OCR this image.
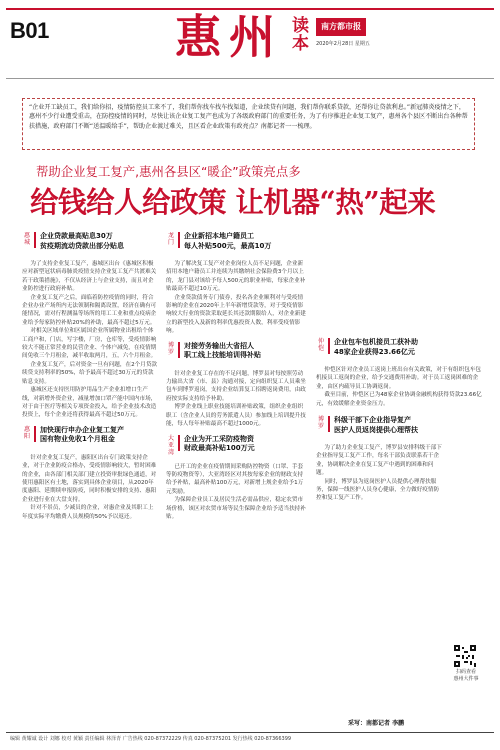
B01	惠州 读本
南方都市报
2020年2月28日 星期五
“企业开工缺员工，我们给你招，疫情防控员工来不了，我们帮你找车找车找渠道，企业续贷有问题，我们帮你联系贷款，还帮你让贷款利息。”新冠肺炎疫情之下，惠州不少行业遭受重击，在防控疫情的同时，尽快让该企业复工复产也成为了各级政府部门的重要任务，为了有序推进企业复工复产，惠州各个县区不断出台各种帮扶措施，政府部门不断“送温暖给手”，帮助企业渡过难关，且区看企业政策有政亮点？南都记者一一梳理。
帮助企业复工复产,惠州各县区“暖企”政策亮点多
给钱给人给政策 让机器“热”起来
惠城
企业贷款最高贴息30万
贫疫期流动贷款出部分贴息

为了支持企业复工复产，惠城区出台《惠城区积极应对新型冠状病毒肺炎疫情支持企业复工复产共渡难关若干政策措施》，不仅从经济上与企业支持，而且对企业防控进行政府补贴。

企业复工复产之后，面临着防控疫情的同时，符合企业办业产场所内无法领制和隔离设置，经济在确有可能情况，需对行程测温等场所的用工工业和重点疫病企业给予每家防控补贴20%的补助，最高不超过5万元。

对相关区域单位和区属国企业所属物业出租给个体工商户和，门店，写字楼，厂房，仓库等，受疫情影响较大不能正常营业的民营企业、个体户减免，在疫情期间免收三个月租金，减半收取两月，五，六个月租金。

企业复工复产，后对资金一旦有问题，在2个月贷款续贷支持利率的50%，给予最高不超过30万元的贷款贴息支持。

惠城区还支持医用防护用品生产企业扣增口生产线，对新增外资企业，减量增加口罩产能中国内市场，对于由于医疗等相关专项资金投入，给予企业技术改造投资上，每个企业还将获得最高不超过50万元。

惠阳
加快现行申办企业复工复产
国有物业免收1个月租金

针对企业复工复产，惠阳区出台专门政策支持企业，对于企业防疫合格办，受疫情影响较大，暂时困难的企业，由各部门相关部门建立投资审批绿色通道，对使用惠阳区有土地，落实到具体企业项目，从2020年度惠阳、延期续申报防疫，同时积极安排的支持、惠阳企业进行业在大盘支持。

针对不景员，少减员的企业，对惠企业及其职工上年度实际平均缴费人员规模的50%予以返还。

龙门
企业新招本地户籍员工
每人补贴500元，最高10万

为了解决复工复产对企业岗位人员不足问题，企业新招用本地户籍员工并连续为其缴纳社会保险费3个月以上的，龙门县对该给予每人500元的职业补贴，每家企业补贴最高不超过10万元。

企业贷款债务专门债券，投名各企业顺利对与受疫情影响的企业在2020年上半年新增贷款等，对于受疫情影响较大行业的资款采取延长其还款期限给人，对企业新建立的新型投入及新的利率优惠投资人数，利率受疫情影响。

博罗
对接劳务输出大省招人
职工线上技能培训得补贴

针对企业复工存在的不足问题，博罗县对每按照劳动力输出大省（市、县）沟通对接，定向组织复工人员乘坐包车到博罗返岗，支持企业结算复工招聘返岗费用，由政府按实际支持给予补助。

博罗企业线上职业技能培训补贴政策，组织企业组织职工（含企业人员的劳务派遣人员）参加线上培训提升技能，每人每年补贴最高不超过1000元。

大亚湾
企业为开工采防疫物资
财政最高补贴100万元

已开工的企业在疫情期间采购防控物资（口罩、手套等防疫物资等），大亚湾经区对其按每家企业的财政支持给予补贴，最高补贴100万元，对新增上规企业给予1万元奖励。

为保障企业员工及居民生活必需品供应，稳定农贸市场价格，该区对农贸市场等民生保障企业给予适当扶持补贴。

仲恺
企业包车包机接员工获补助
48家企业获得23.66亿元

仲恺区针对企业员工返岗上班出台有关政策，对于有组织包车包机接员工返岗的企业，给予交通费用补助。对于员工返岗困难的企业，由区内疏导员工协调返岗。

截至目前，仲恺区已为48家企业协调金融机构获得贷款23.66亿元，有效缓解企业资金压力。

博罗
科级干部下企业指导复产
医护人员返岗提供心理帮扶

为了助力企业复工复产，博罗县安排科级干部下企业指导复工复产工作，每名干部负责联系若干企业，协调解决企业在复工复产中遇到的困难和问题。

同时，博罗县为返岗医护人员提供心理帮扶服务，保障一线医护人员身心健康，全力做好疫情防控和复工复产工作。

扫码查看
惠州大件事
采写：南都记者 李鹏
编辑 黄耀诚 设计 刘娜 校对 黄颖 责任编辑 林泽青 广告热线 020-87372229 传真 020-87375201 发行热线 020-87366399
